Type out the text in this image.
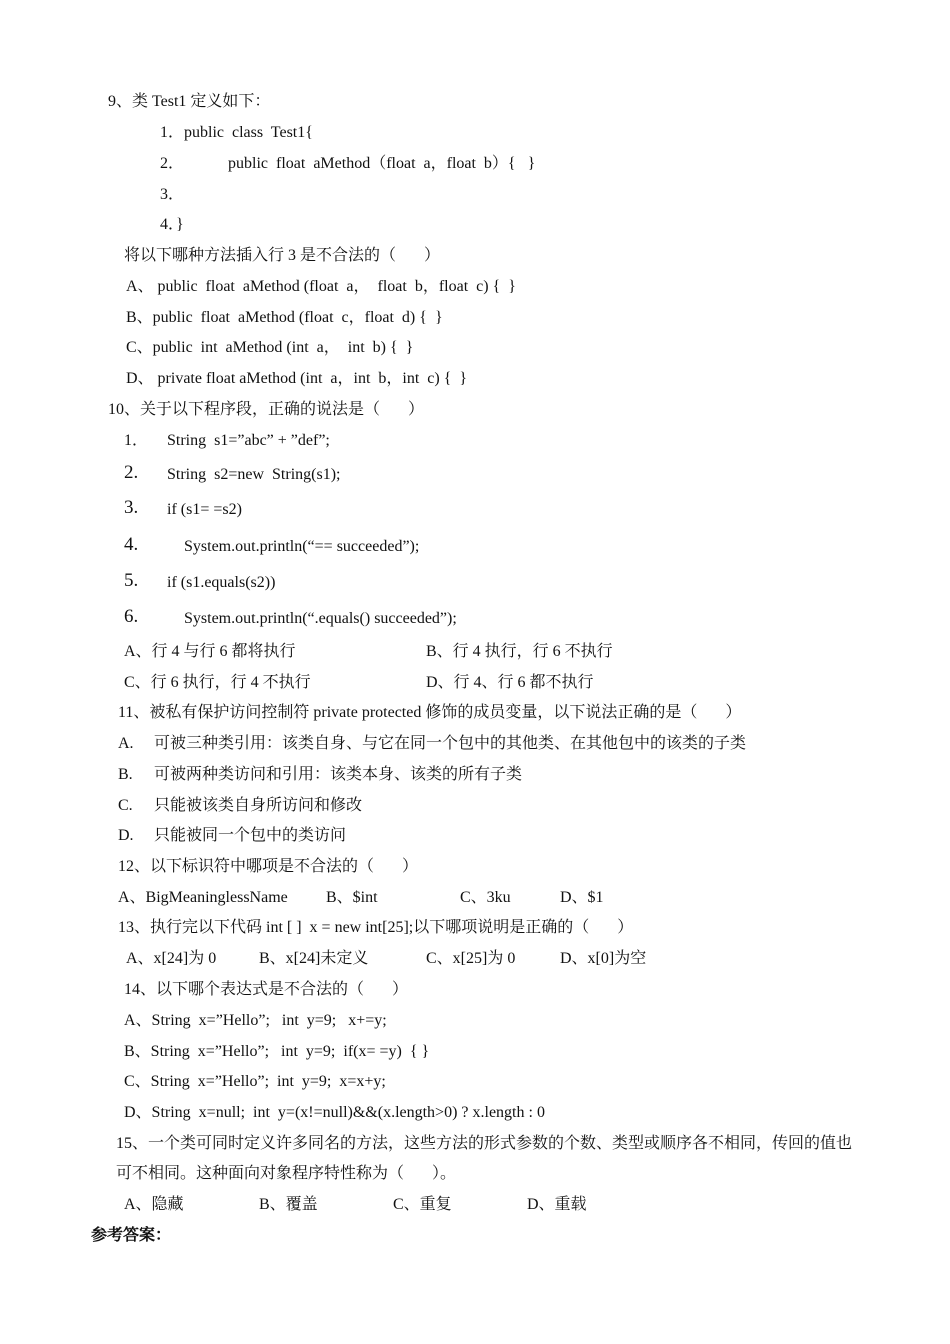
9、类 Test1 定义如下：
1．public  class  Test1{
2．           public  float  aMethod（float  a，float  b）{   }
3．
4．}
将以下哪种方法插入行 3 是不合法的（       ）
A、 public  float  aMethod (float  a，  float  b，float  c) {  }
B、public  float  aMethod (float  c，float  d) {  }
C、public  int  aMethod (int  a，  int  b) {  }
D、 private float aMethod (int  a，int  b，int  c) {  }
10、关于以下程序段，正确的说法是（       ）
1． String  s1=”abc” + ”def”;
2. String  s2=new  String(s1);
3. if (s1= =s2)
4.	System.out.println(“== succeeded”);
5. if (s1.equals(s2))
6.	System.out.println(“.equals() succeeded”);
A、行 4 与行 6 都将执行	B、行 4 执行，行 6 不执行
C、行 6 执行，行 4 不执行	D、行 4、行 6 都不执行
11、被私有保护访问控制符 private protected 修饰的成员变量，以下说法正确的是（       ）
A. 可被三种类引用：该类自身、与它在同一个包中的其他类、在其他包中的该类的子类
B. 可被两种类访问和引用：该类本身、该类的所有子类
C. 只能被该类自身所访问和修改
D. 只能被同一个包中的类访问
12、以下标识符中哪项是不合法的（       ）
A、BigMeaninglessName B、$int	C、3ku	D、$1
13、执行完以下代码 int [ ]  x = new int[25];以下哪项说明是正确的（       ）
A、x[24]为 0	B、x[24]未定义	C、x[25]为 0	D、x[0]为空
14、以下哪个表达式是不合法的（       ）
A、String  x=”Hello”;   int  y=9;   x+=y;
B、String  x=”Hello”;   int  y=9;  if(x= =y)  { }
C、String  x=”Hello”;  int  y=9;  x=x+y;
D、String  x=null;  int  y=(x!=null)&&(x.length>0) ? x.length : 0
15、一个类可同时定义许多同名的方法，这些方法的形式参数的个数、类型或顺序各不相同，传回的值也
可不相同。这种面向对象程序特性称为（       ）。
A、隐藏	B、覆盖	C、重复	D、重载
参考答案：
